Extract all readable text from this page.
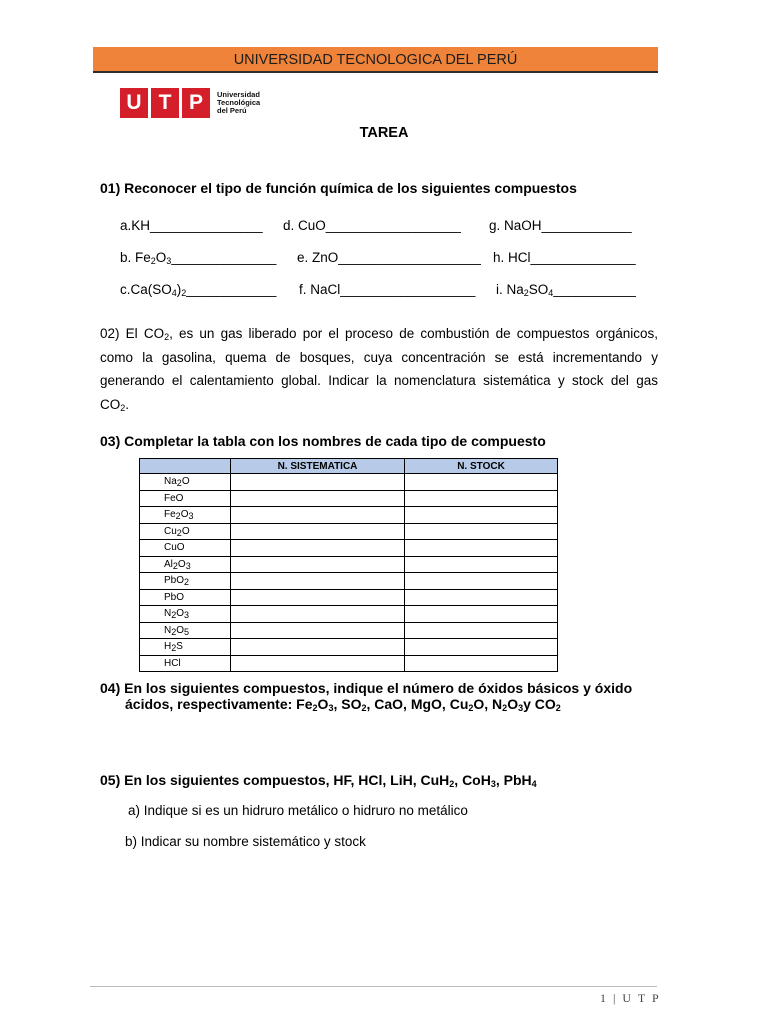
UNIVERSIDAD TECNOLOGICA DEL PERÚ
U T P	Universidad
Tecnológica
del Perú
TAREA
01) Reconocer el tipo de función química de los siguientes compuestos
a.KH_______________ d. CuO__________________ g. NaOH____________
b. $Fe_2O_3\_\_\_\_\_\_\_\_\_\_\_\_\_\_$ e. ZnO___________________ h. HCl______________
$c.Ca(SO_4)_2\_\_\_\_\_\_\_\_\_\_\_\_$ f. NaCl__________________ i. $Na_2SO_4\_\_\_\_\_\_\_\_\_\_\_$
02) El $CO_2$, es un gas liberado por el proceso de combustión de compuestos orgánicos,
como la gasolina, quema de bosques, cuya concentración se está incrementando y
generando el calentamiento global. Indicar la nomenclatura sistemática y stock del gas
$CO_2$.
03) Completar la tabla con los nombres de cada tipo de compuesto
	N. SISTEMATICA	N. STOCK
$Na_2O$		
FeO		
$Fe_2O_3$		
$Cu_2O$		
CuO		
$Al_2O_3$		
PbO$_2$		
PbO		
$N_2O_3$		
$N_2O_5$		
$H_2S$		
HCl		
04) En los siguientes compuestos, indique el número de óxidos básicos y óxido
ácidos, respectivamente: $Fe_2O_3$, $SO_2$, CaO, MgO, $Cu_2O$, $N_2O_3y$ $CO_2$
05) En los siguientes compuestos, HF, HCl, LiH, CuH$_2$, CoH$_3$, PbH$_4$
a) Indique si es un hidruro metálico o hidruro no metálico
b) Indicar su nombre sistemático y stock
1 | U T P
